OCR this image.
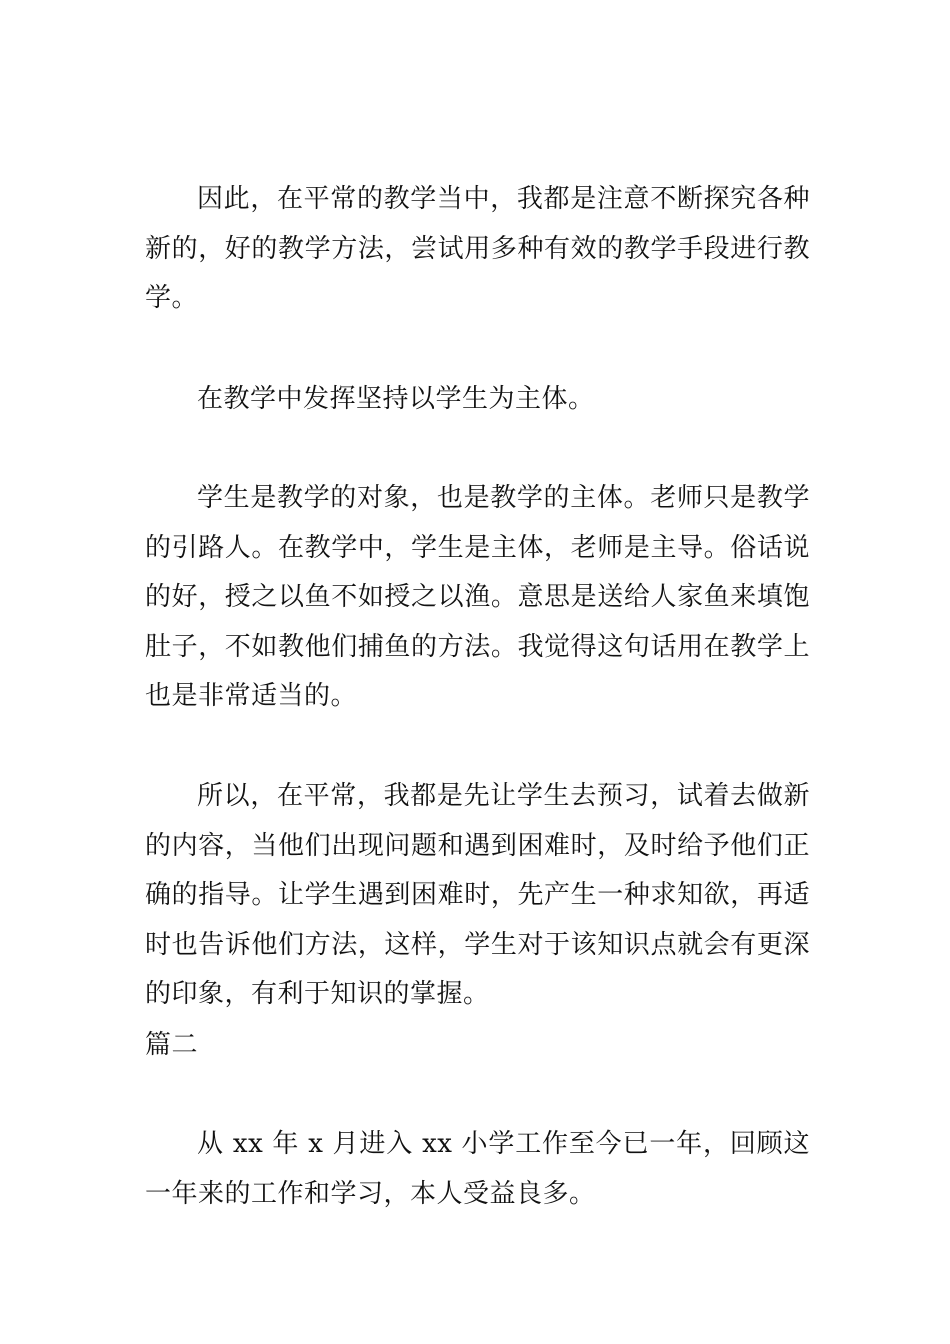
因此，在平常的教学当中，我都是注意不断探究各种新的，好的教学方法，尝试用多种有效的教学手段进行教学。

在教学中发挥坚持以学生为主体。

学生是教学的对象，也是教学的主体。老师只是教学的引路人。在教学中，学生是主体，老师是主导。俗话说的好，授之以鱼不如授之以渔。意思是送给人家鱼来填饱肚子，不如教他们捕鱼的方法。我觉得这句话用在教学上也是非常适当的。

所以，在平常，我都是先让学生去预习，试着去做新的内容，当他们出现问题和遇到困难时，及时给予他们正确的指导。让学生遇到困难时，先产生一种求知欲，再适时也告诉他们方法，这样，学生对于该知识点就会有更深的印象，有利于知识的掌握。

篇二

从 xx 年 x 月进入 xx 小学工作至今已一年，回顾这一年来的工作和学习，本人受益良多。
